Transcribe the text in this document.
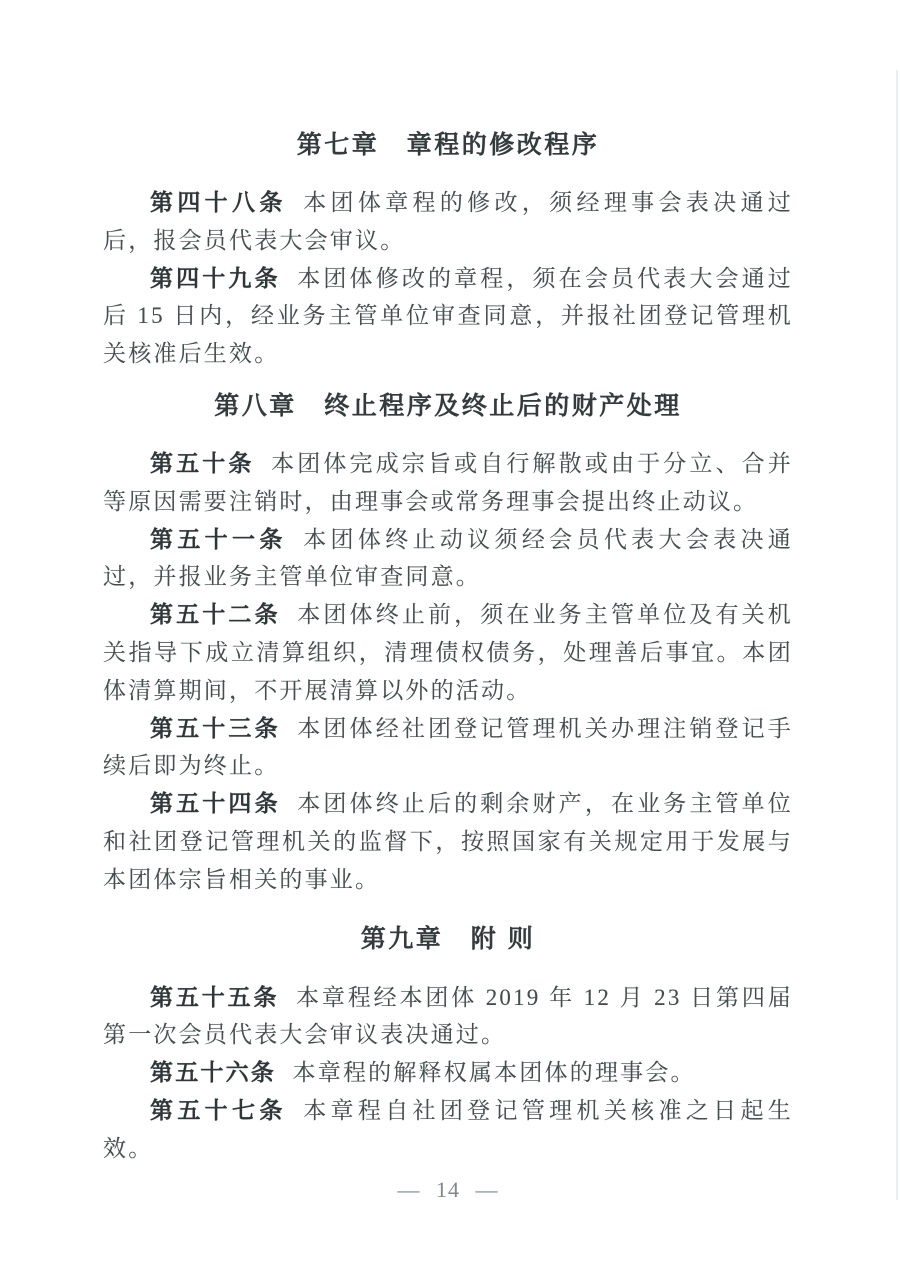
第七章　章程的修改程序

第四十八条 本团体章程的修改，须经理事会表决通过后，报会员代表大会审议。

第四十九条 本团体修改的章程，须在会员代表大会通过后 15 日内，经业务主管单位审查同意，并报社团登记管理机关核准后生效。

第八章　终止程序及终止后的财产处理

第五十条 本团体完成宗旨或自行解散或由于分立、合并等原因需要注销时，由理事会或常务理事会提出终止动议。

第五十一条 本团体终止动议须经会员代表大会表决通过，并报业务主管单位审查同意。

第五十二条 本团体终止前，须在业务主管单位及有关机关指导下成立清算组织，清理债权债务，处理善后事宜。本团体清算期间，不开展清算以外的活动。

第五十三条 本团体经社团登记管理机关办理注销登记手续后即为终止。

第五十四条 本团体终止后的剩余财产，在业务主管单位和社团登记管理机关的监督下，按照国家有关规定用于发展与本团体宗旨相关的事业。

第九章　附 则

第五十五条 本章程经本团体 2019 年 12 月 23 日第四届第一次会员代表大会审议表决通过。

第五十六条 本章程的解释权属本团体的理事会。

第五十七条 本章程自社团登记管理机关核准之日起生效。

— 14 —
